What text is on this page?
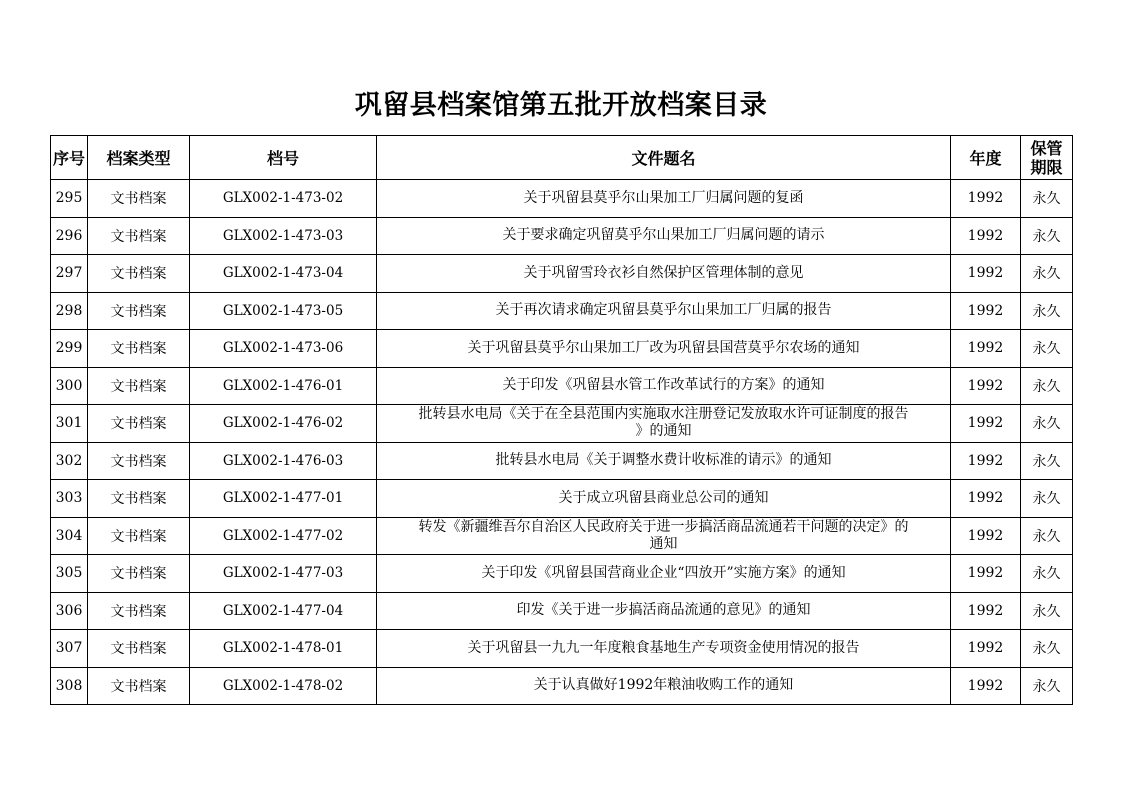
巩留县档案馆第五批开放档案目录
序号	档案类型	档号	文件题名	年度	保管
期限

295	文书档案	GLX002-1-473-02	关于巩留县莫乎尔山果加工厂归属问题的复函	1992	永久
296	文书档案	GLX002-1-473-03	关于要求确定巩留莫乎尔山果加工厂归属问题的请示	1992	永久
297	文书档案	GLX002-1-473-04	关于巩留雪玲衣衫自然保护区管理体制的意见	1992	永久
298	文书档案	GLX002-1-473-05	关于再次请求确定巩留县莫乎尔山果加工厂归属的报告	1992	永久
299	文书档案	GLX002-1-473-06	关于巩留县莫乎尔山果加工厂改为巩留县国营莫乎尔农场的通知	1992	永久
300	文书档案	GLX002-1-476-01	关于印发《巩留县水管工作改革试行的方案》的通知	1992	永久
301	文书档案	GLX002-1-476-02	批转县水电局《关于在全县范围内实施取水注册登记发放取水许可证制度的报告
》的通知	1992	永久
302	文书档案	GLX002-1-476-03	批转县水电局《关于调整水费计收标准的请示》的通知	1992	永久
303	文书档案	GLX002-1-477-01	关于成立巩留县商业总公司的通知	1992	永久
304	文书档案	GLX002-1-477-02	转发《新疆维吾尔自治区人民政府关于进一步搞活商品流通若干问题的决定》的
通知	1992	永久
305	文书档案	GLX002-1-477-03	关于印发《巩留县国营商业企业“四放开”实施方案》的通知	1992	永久
306	文书档案	GLX002-1-477-04	印发《关于进一步搞活商品流通的意见》的通知	1992	永久
307	文书档案	GLX002-1-478-01	关于巩留县一九九一年度粮食基地生产专项资金使用情况的报告	1992	永久
308	文书档案	GLX002-1-478-02	关于认真做好1992年粮油收购工作的通知	1992	永久
